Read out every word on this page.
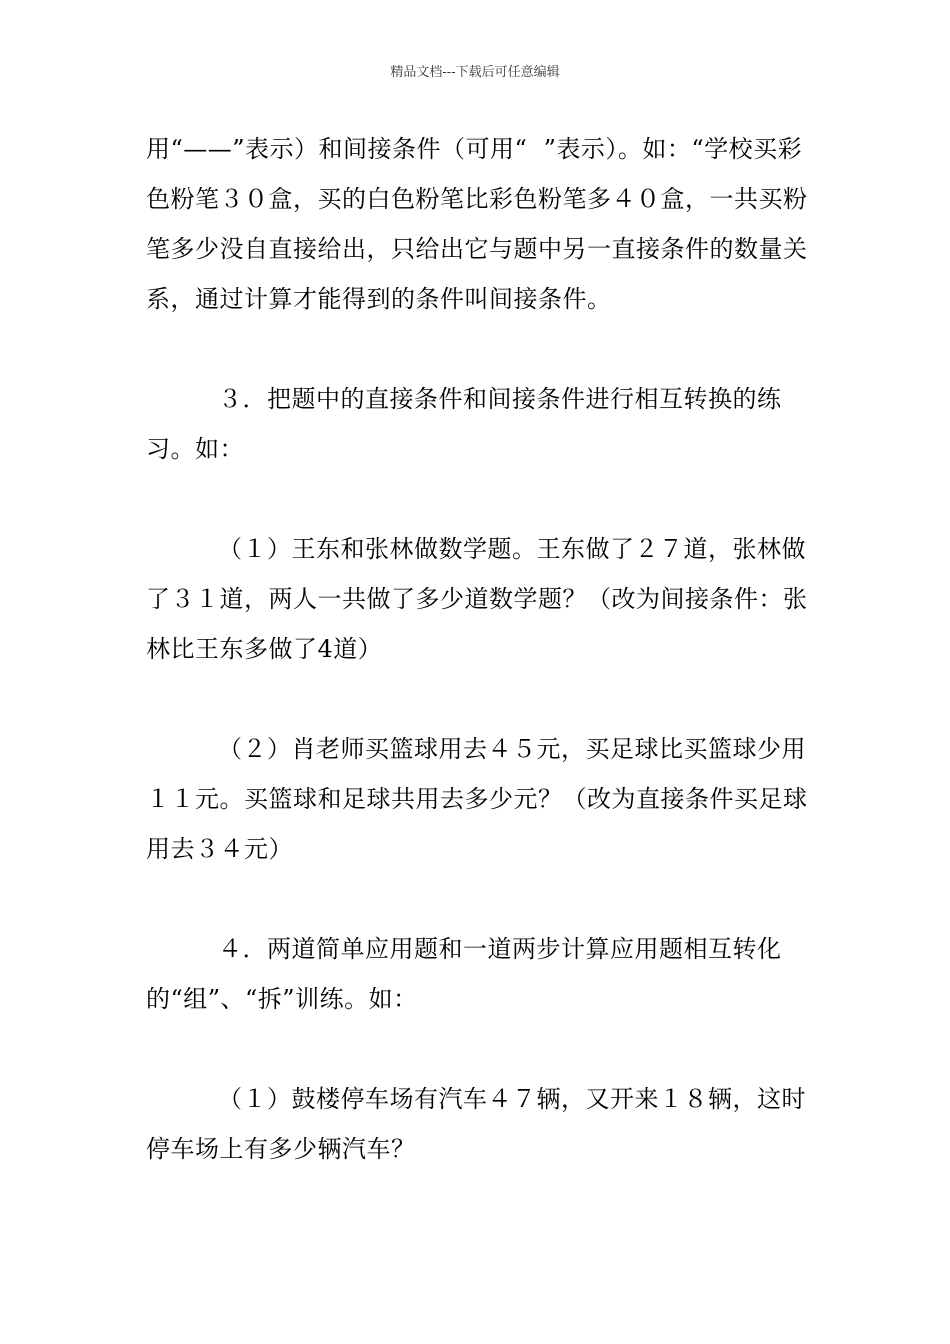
精品文档---下载后可任意编辑

用“——”表示）和间接条件（可用“  ”表示）。如：“学校买彩色粉笔３０盒，买的白色粉笔比彩色粉笔多４０盒，一共买粉笔多少没自直接给出，只给出它与题中另一直接条件的数量关系，通过计算才能得到的条件叫间接条件。

３．把题中的直接条件和间接条件进行相互转换的练习。如：

（１）王东和张林做数学题。王东做了２７道，张林做了３１道，两人一共做了多少道数学题？（改为间接条件：张林比王东多做了4道）

（２）肖老师买篮球用去４５元，买足球比买篮球少用１１元。买篮球和足球共用去多少元？（改为直接条件买足球用去３４元）

４．两道简单应用题和一道两步计算应用题相互转化的“组”、“拆”训练。如：

（１）鼓楼停车场有汽车４７辆，又开来１８辆，这时停车场上有多少辆汽车？
